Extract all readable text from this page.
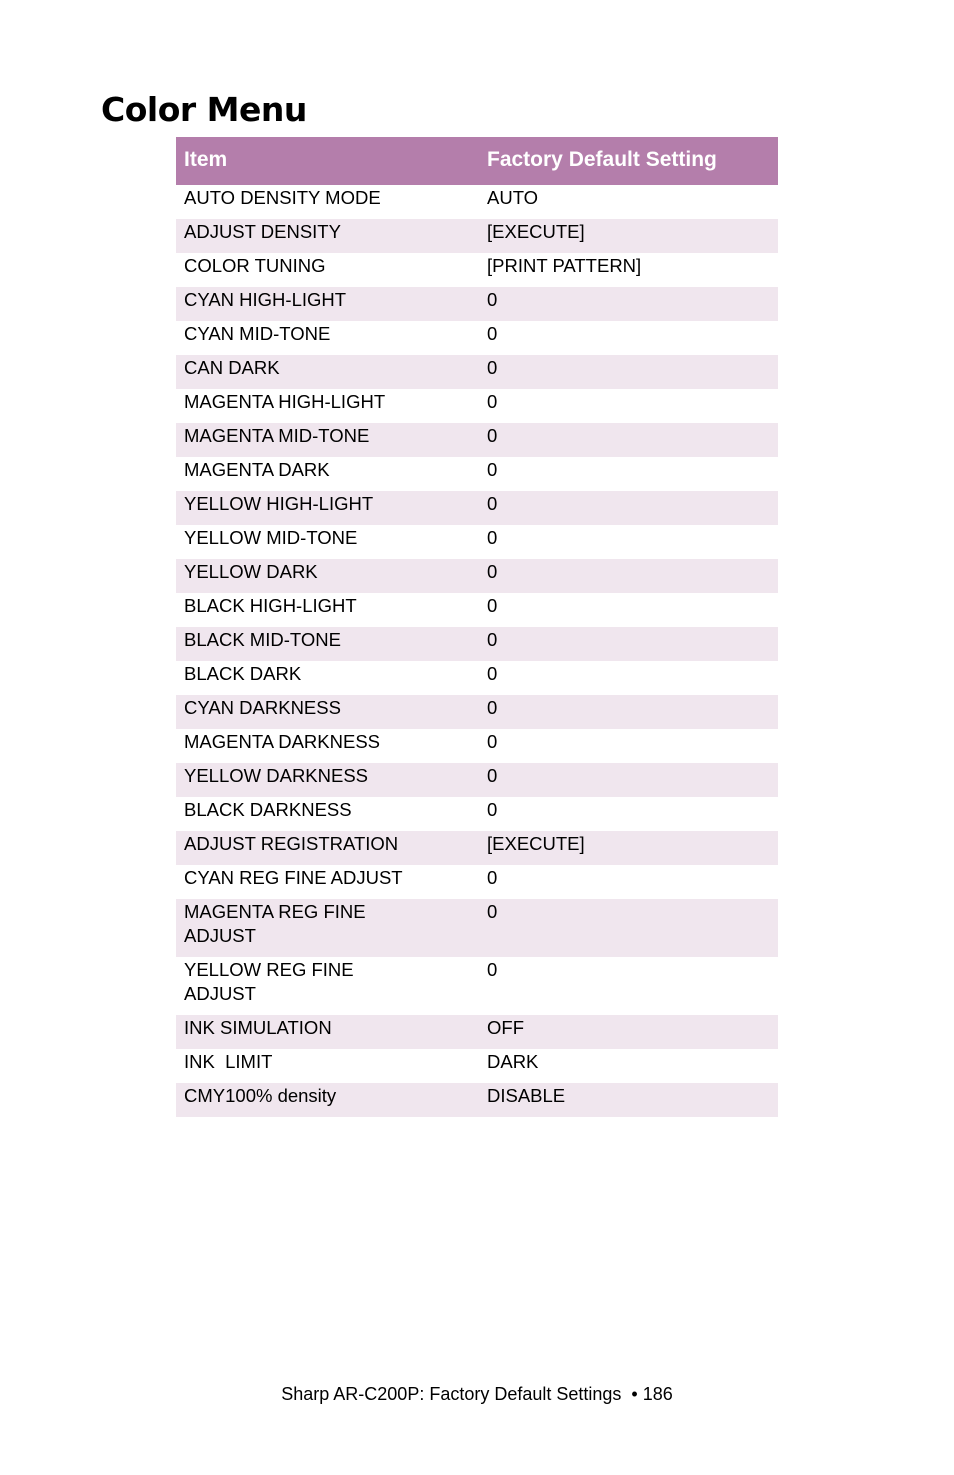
Color Menu
Item	Factory Default Setting
AUTO DENSITY MODE	AUTO
ADJUST DENSITY	[EXECUTE]
COLOR TUNING	[PRINT PATTERN]
CYAN HIGH-LIGHT	0
CYAN MID-TONE	0
CAN DARK	0
MAGENTA HIGH-LIGHT	0
MAGENTA MID-TONE	0
MAGENTA DARK	0
YELLOW HIGH-LIGHT	0
YELLOW MID-TONE	0
YELLOW DARK	0
BLACK HIGH-LIGHT	0
BLACK MID-TONE	0
BLACK DARK	0
CYAN DARKNESS	0
MAGENTA DARKNESS	0
YELLOW DARKNESS	0
BLACK DARKNESS	0
ADJUST REGISTRATION	[EXECUTE]
CYAN REG FINE ADJUST	0
MAGENTA REG FINE ADJUST	0
YELLOW REG FINE ADJUST	0
INK SIMULATION	OFF
INK  LIMIT	DARK
CMY100% density	DISABLE
Sharp AR-C200P: Factory Default Settings  • 186
